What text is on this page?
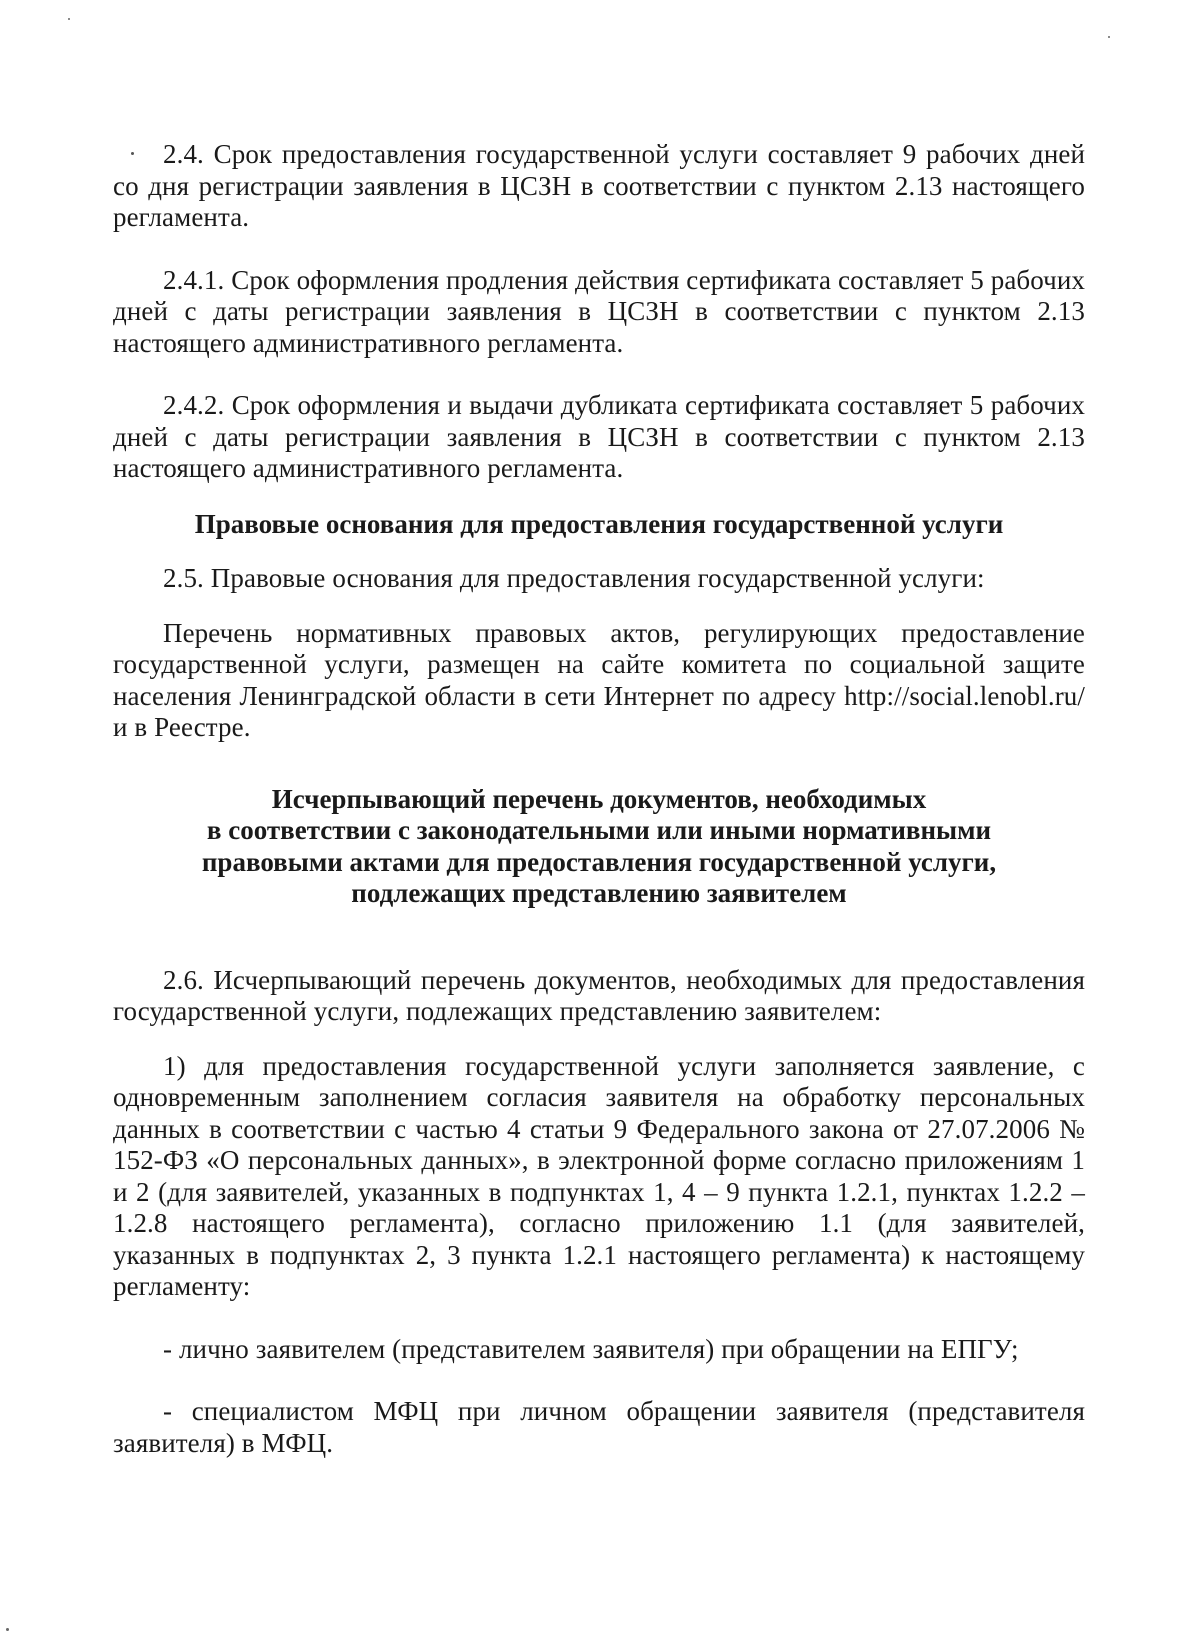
2.4. Срок предоставления государственной услуги составляет 9 рабочих дней со дня регистрации заявления в ЦСЗН в соответствии с пунктом 2.13 настоящего регламента.

2.4.1. Срок оформления продления действия сертификата составляет 5 рабочих дней с даты регистрации заявления в ЦСЗН в соответствии с пунктом 2.13 настоящего административного регламента.

2.4.2. Срок оформления и выдачи дубликата сертификата составляет 5 рабочих дней с даты регистрации заявления в ЦСЗН в соответствии с пунктом 2.13 настоящего административного регламента.

Правовые основания для предоставления государственной услуги

2.5. Правовые основания для предоставления государственной услуги:

Перечень нормативных правовых актов, регулирующих предоставление государственной услуги, размещен на сайте комитета по социальной защите населения Ленинградской области в сети Интернет по адресу http://social.lenobl.ru/ и в Реестре.

Исчерпывающий перечень документов, необходимых
в соответствии с законодательными или иными нормативными
правовыми актами для предоставления государственной услуги,
подлежащих представлению заявителем

2.6. Исчерпывающий перечень документов, необходимых для предоставления государственной услуги, подлежащих представлению заявителем:

1) для предоставления государственной услуги заполняется заявление, с одновременным заполнением согласия заявителя на обработку персональных данных в соответствии с частью 4 статьи 9 Федерального закона от 27.07.2006 № 152-ФЗ «О персональных данных», в электронной форме согласно приложениям 1 и 2 (для заявителей, указанных в подпунктах 1, 4 – 9 пункта 1.2.1, пунктах 1.2.2 – 1.2.8 настоящего регламента), согласно приложению 1.1 (для заявителей, указанных в подпунктах 2, 3 пункта 1.2.1 настоящего регламента) к настоящему регламенту:

- лично заявителем (представителем заявителя) при обращении на ЕПГУ;

- специалистом МФЦ при личном обращении заявителя (представителя заявителя) в МФЦ.
